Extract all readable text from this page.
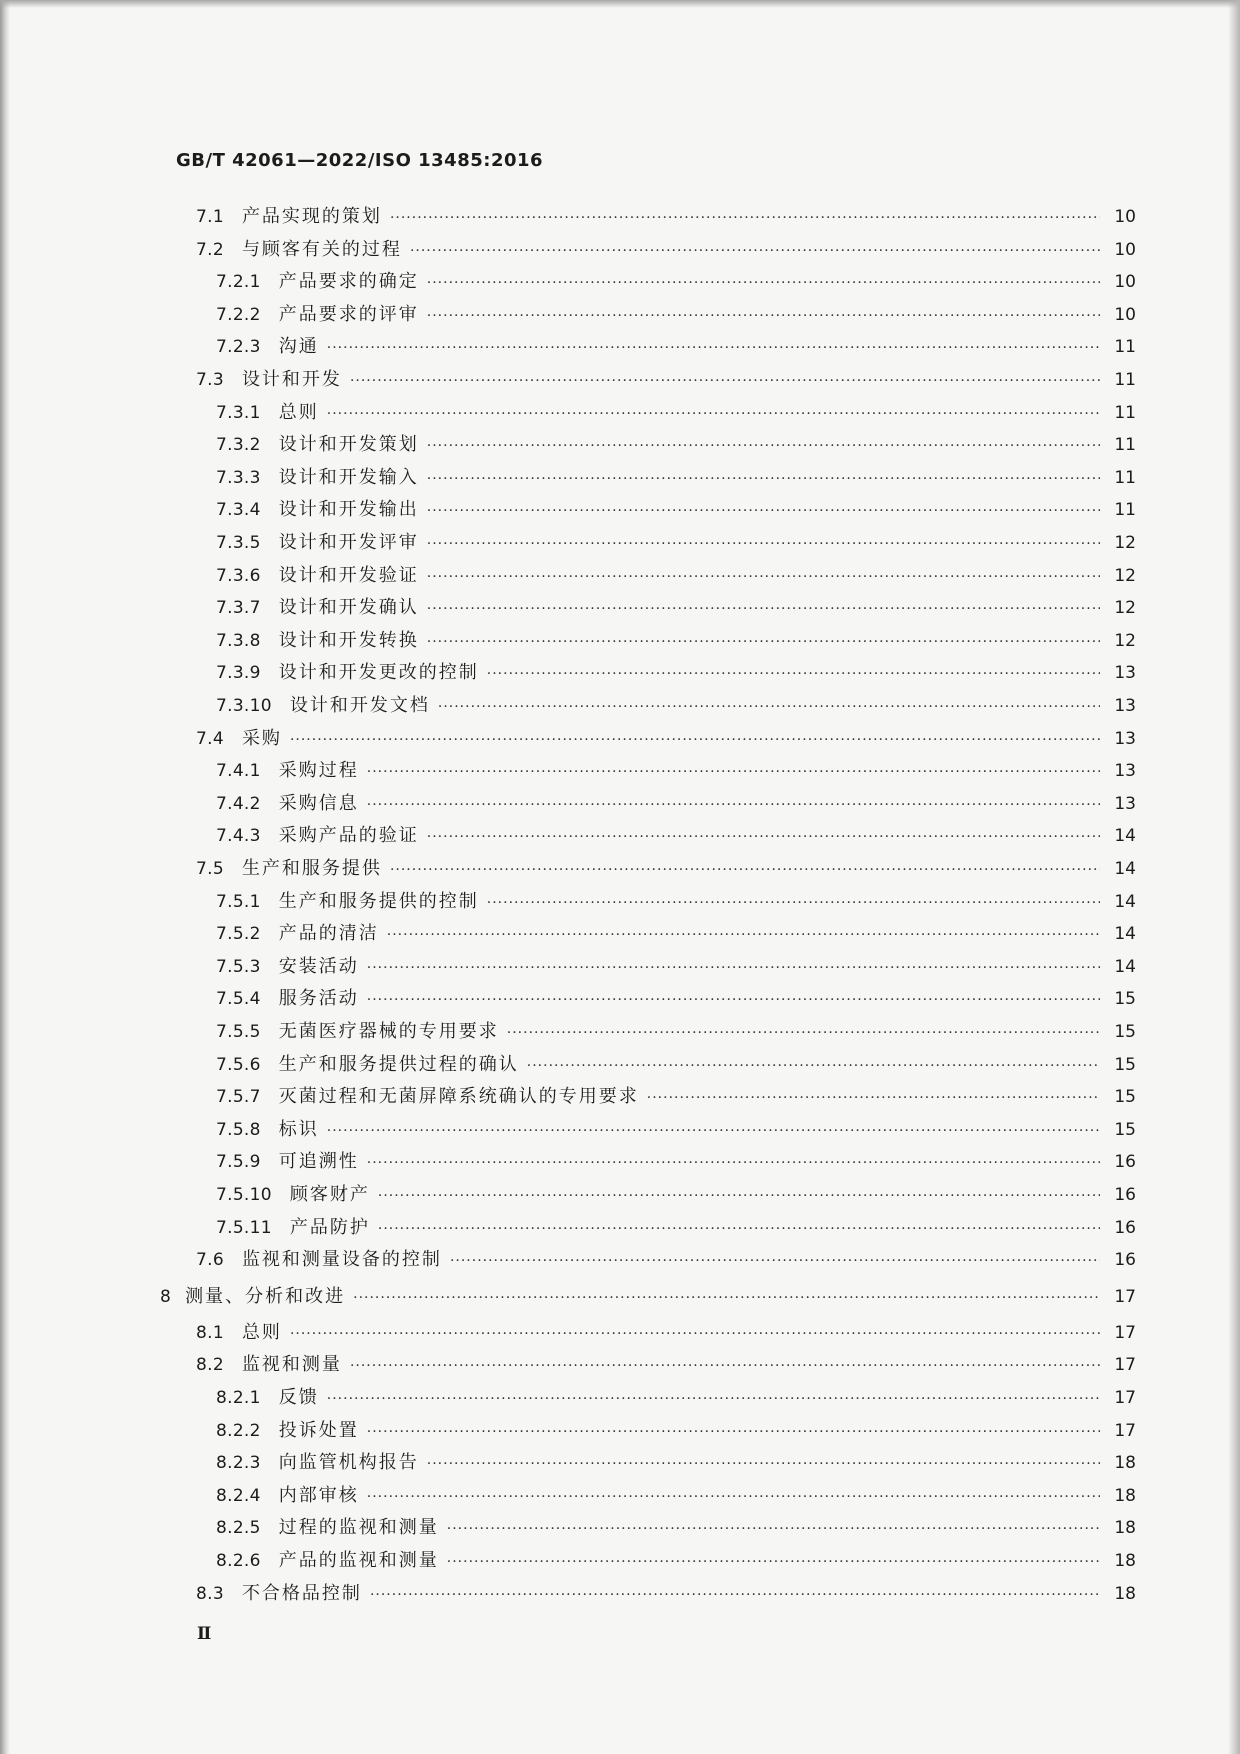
GB/T 42061—2022/ISO 13485:2016
7.1	产品实现的策划 ·····	10
7.2	与顾客有关的过程 ·····	10
7.2.1	产品要求的确定 ·····	10
7.2.2	产品要求的评审 ·····	10
7.2.3	沟通 ·····	11
7.3	设计和开发 ·····	11
7.3.1	总则 ·····	11
7.3.2	设计和开发策划 ·····	11
7.3.3	设计和开发输入 ·····	11
7.3.4	设计和开发输出 ·····	11
7.3.5	设计和开发评审 ·····	12
7.3.6	设计和开发验证 ·····	12
7.3.7	设计和开发确认 ·····	12
7.3.8	设计和开发转换 ·····	12
7.3.9	设计和开发更改的控制 ·····	13
7.3.10	设计和开发文档 ·····	13
7.4	采购 ·····	13
7.4.1	采购过程 ·····	13
7.4.2	采购信息 ·····	13
7.4.3	采购产品的验证 ·····	14
7.5	生产和服务提供 ·····	14
7.5.1	生产和服务提供的控制 ·····	14
7.5.2	产品的清洁 ·····	14
7.5.3	安装活动 ·····	14
7.5.4	服务活动 ·····	15
7.5.5	无菌医疗器械的专用要求 ·····	15
7.5.6	生产和服务提供过程的确认 ·····	15
7.5.7	灭菌过程和无菌屏障系统确认的专用要求 ·····	15
7.5.8	标识 ·····	15
7.5.9	可追溯性 ·····	16
7.5.10	顾客财产 ·····	16
7.5.11	产品防护 ·····	16
7.6	监视和测量设备的控制 ·····	16
8 测量、分析和改进 ·····	17
8.1	总则 ·····	17
8.2	监视和测量 ·····	17
8.2.1	反馈 ·····	17
8.2.2	投诉处置 ·····	17
8.2.3	向监管机构报告 ·····	18
8.2.4	内部审核 ·····	18
8.2.5	过程的监视和测量 ·····	18
8.2.6	产品的监视和测量 ·····	18
8.3	不合格品控制 ·····	18
Ⅱ
